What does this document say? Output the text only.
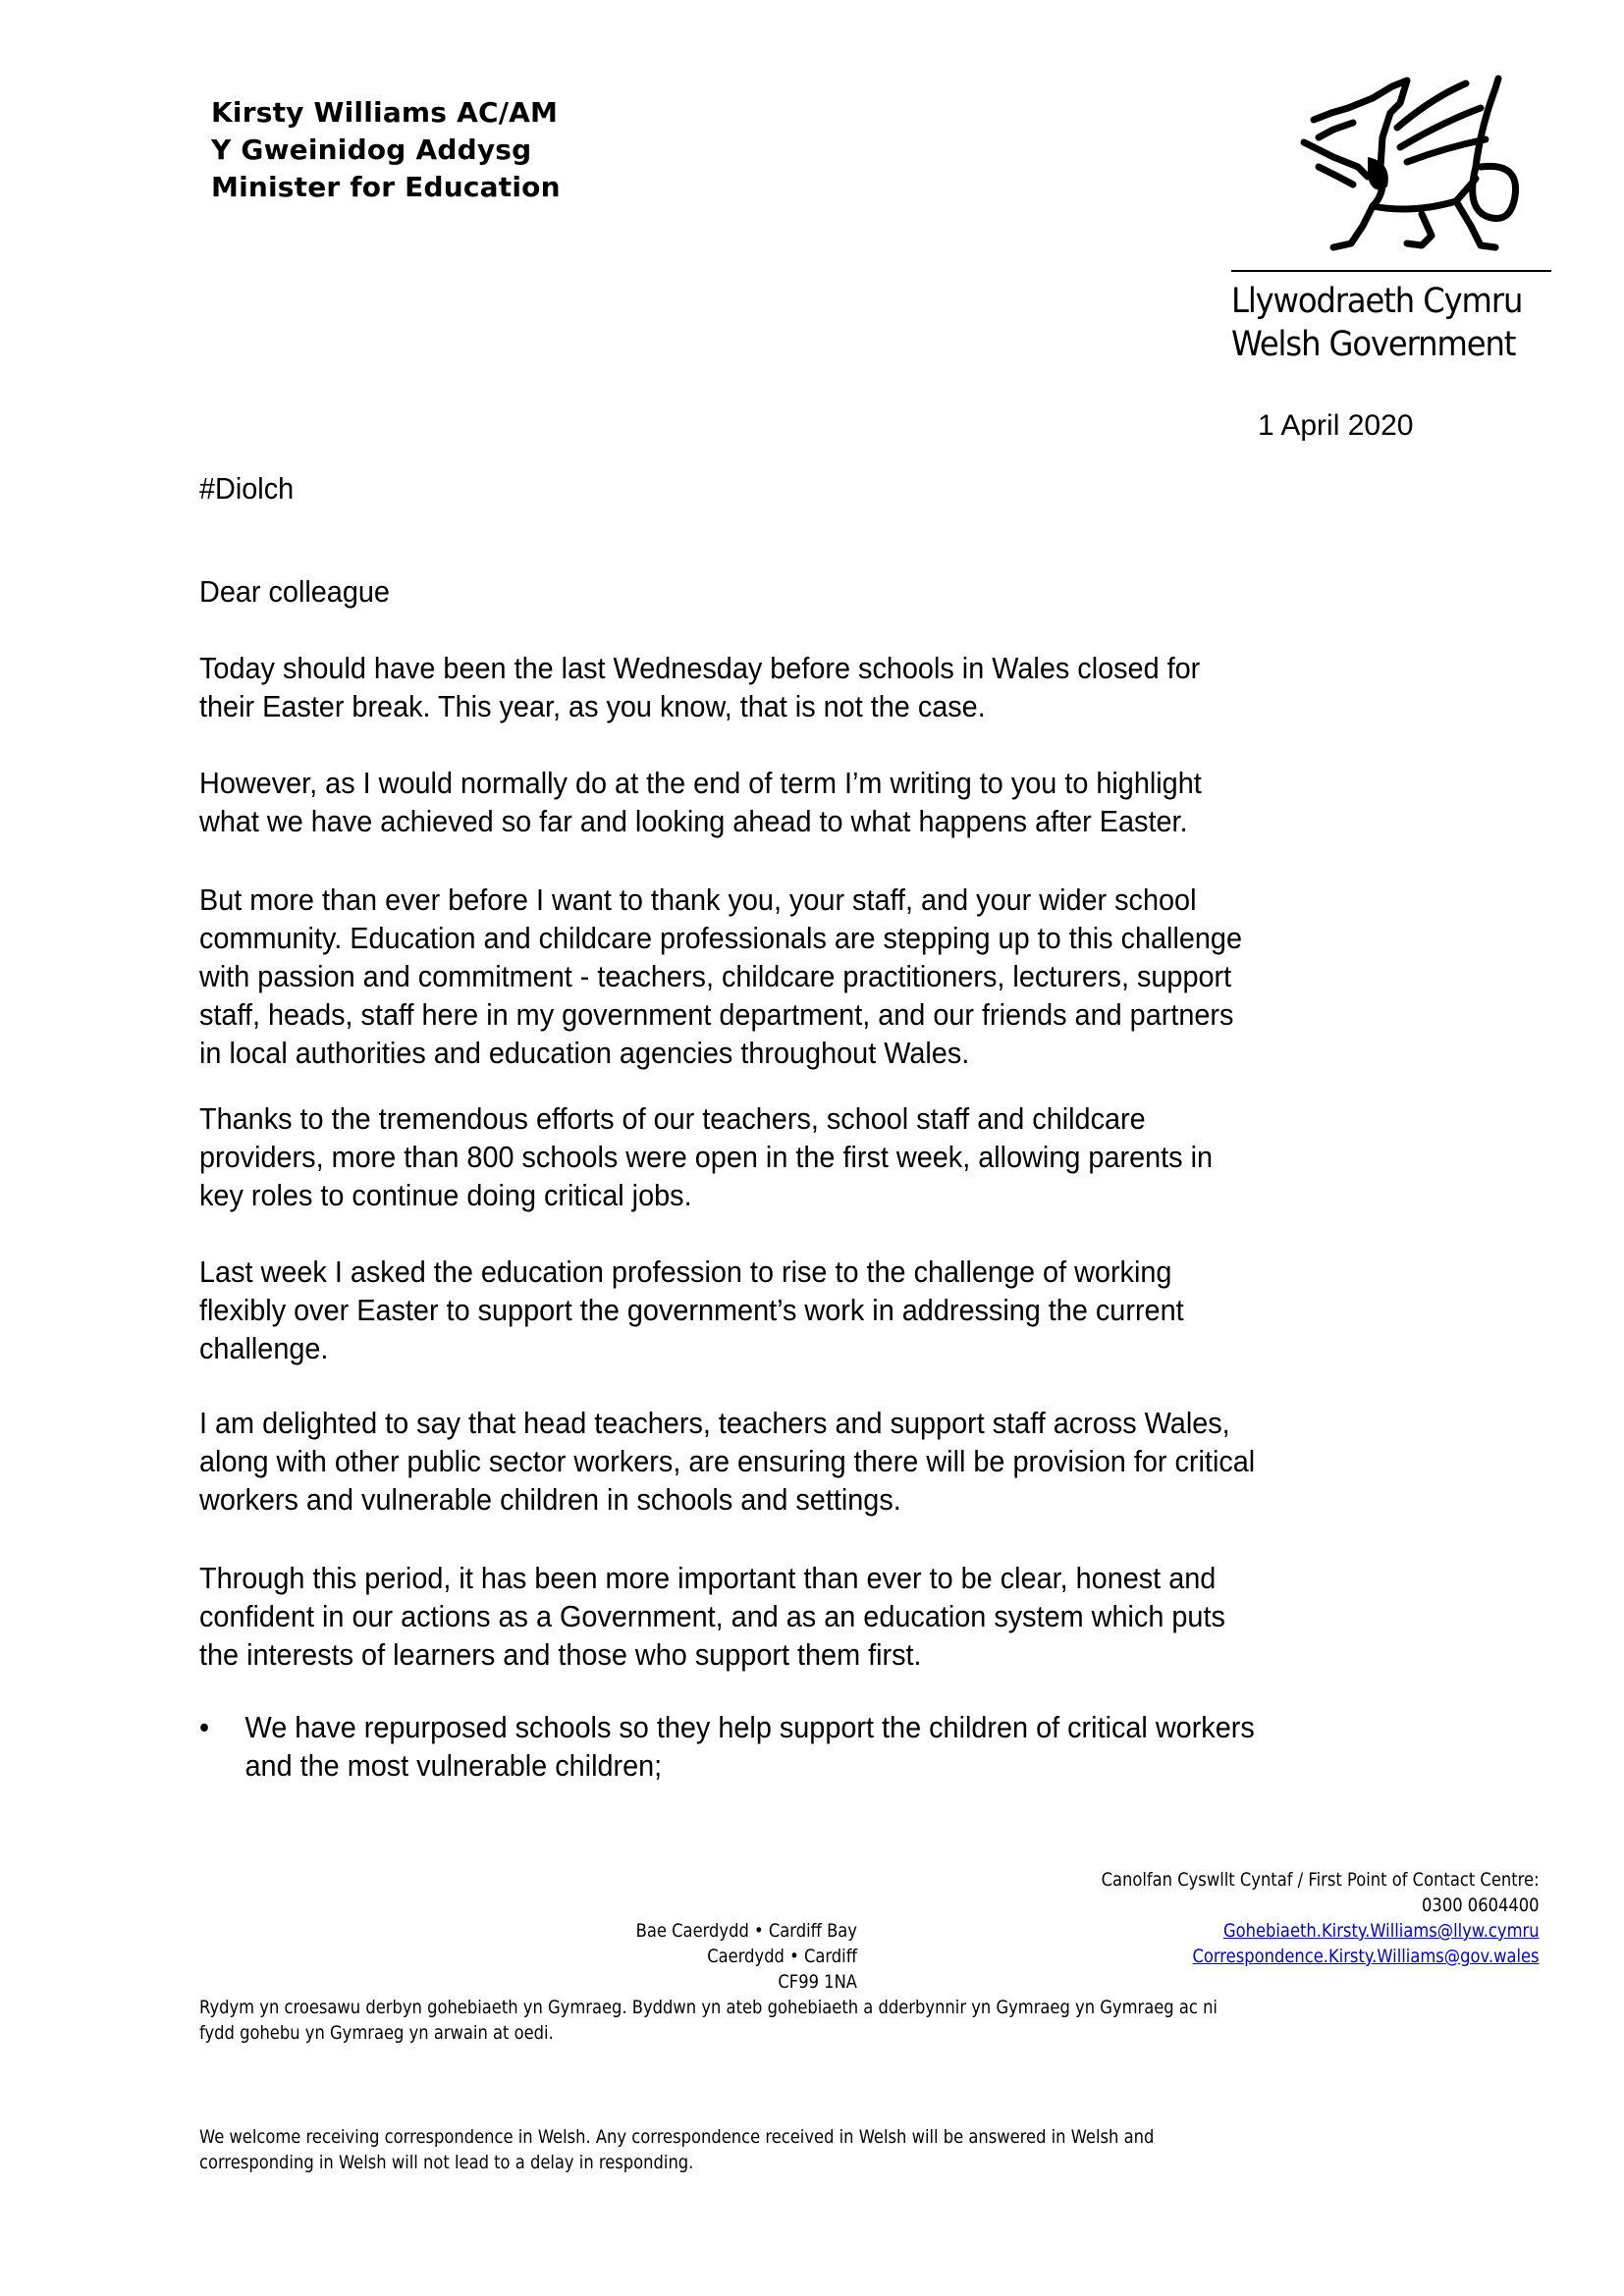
Kirsty Williams AC/AM
Y Gweinidog Addysg
Minister for Education
Llywodraeth Cymru
Welsh Government
1 April 2020

#Diolch

Dear colleague

Today should have been the last Wednesday before schools in Wales closed for

their Easter break. This year, as you know, that is not the case.

However, as I would normally do at the end of term I’m writing to you to highlight

what we have achieved so far and looking ahead to what happens after Easter.

But more than ever before I want to thank you, your staff, and your wider school

community. Education and childcare professionals are stepping up to this challenge

with passion and commitment - teachers, childcare practitioners, lecturers, support

staff, heads, staff here in my government department, and our friends and partners

in local authorities and education agencies throughout Wales.

Thanks to the tremendous efforts of our teachers, school staff and childcare

providers, more than 800 schools were open in the first week, allowing parents in

key roles to continue doing critical jobs.

Last week I asked the education profession to rise to the challenge of working

flexibly over Easter to support the government’s work in addressing the current

challenge.

I am delighted to say that head teachers, teachers and support staff across Wales,

along with other public sector workers, are ensuring there will be provision for critical

workers and vulnerable children in schools and settings.

Through this period, it has been more important than ever to be clear, honest and

confident in our actions as a Government, and as an education system which puts

the interests of learners and those who support them first.

• We have repurposed schools so they help support the children of critical workers
and the most vulnerable children;
Canolfan Cyswllt Cyntaf / First Point of Contact Centre:
0300 0604400
Gohebiaeth.Kirsty.Williams@llyw.cymru
Correspondence.Kirsty.Williams@gov.wales
Bae Caerdydd • Cardiff Bay
Caerdydd • Cardiff
CF99 1NA
Rydym yn croesawu derbyn gohebiaeth yn Gymraeg. Byddwn yn ateb gohebiaeth a dderbynnir yn Gymraeg yn Gymraeg ac ni
fydd gohebu yn Gymraeg yn arwain at oedi.
We welcome receiving correspondence in Welsh. Any correspondence received in Welsh will be answered in Welsh and
corresponding in Welsh will not lead to a delay in responding.
